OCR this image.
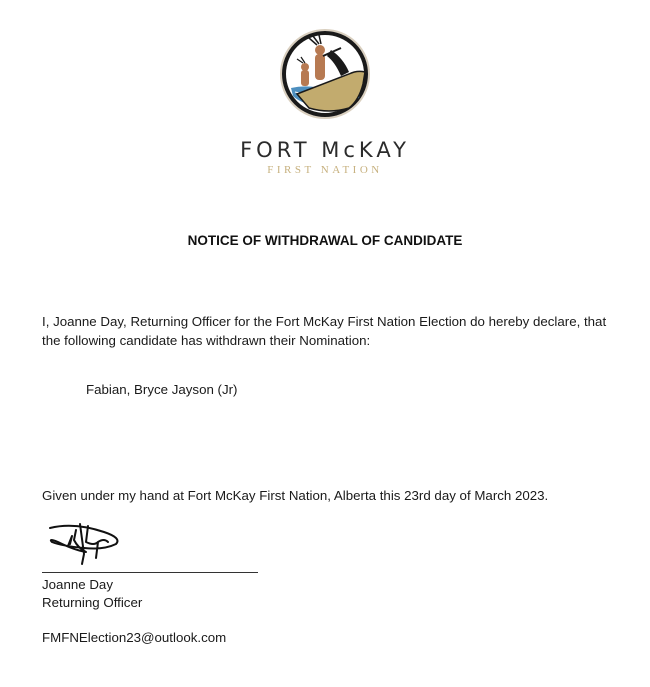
FORT McKAY
FIRST NATION
NOTICE OF WITHDRAWAL OF CANDIDATE
I, Joanne Day, Returning Officer for the Fort McKay First Nation Election do hereby declare, that the following candidate has withdrawn their Nomination:
Fabian, Bryce Jayson (Jr)
Given under my hand at Fort McKay First Nation, Alberta this 23rd day of March 2023.
Joanne Day
Returning Officer
FMFNElection23@outlook.com
